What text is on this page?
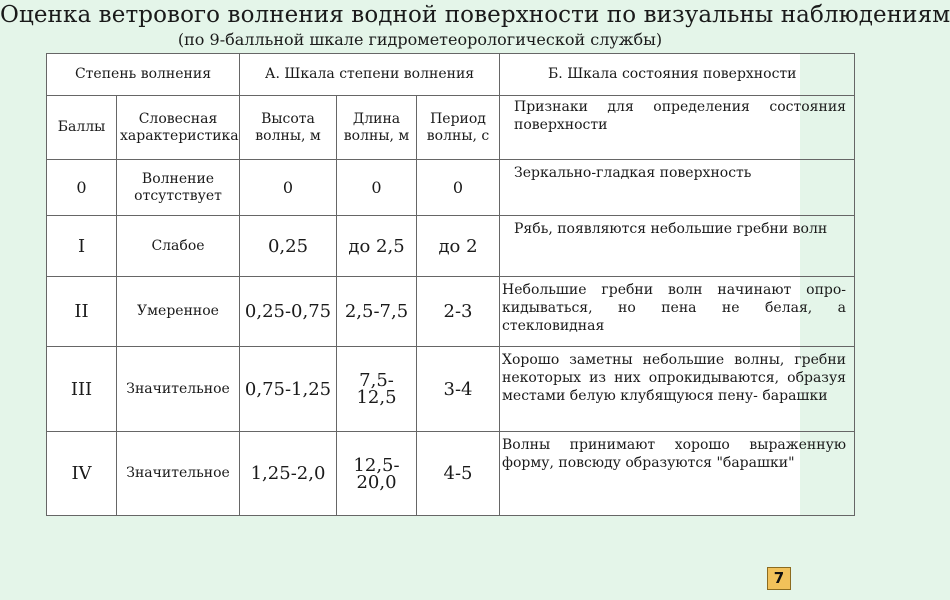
Оценка ветрового волнения водной поверхности по визуальны наблюдениям
(по 9-балльной шкале гидрометеорологической службы)
Степень волнения		А. Шкала степени волнения			Б. Шкала состояния поверхности
Баллы	Словесная характеристика	Высота волны, м	Длина волны, м	Период волны, с	Признаки для определения состояния поверхности
0	Волнение отсутствует	0	0	0	Зеркально-гладкая поверхность
I	Слабое	0,25	до 2,5	до 2	Рябь, появляются небольшие гребни волн
II	Умеренное	0,25-0,75	2,5-7,5	2-3	Небольшие гребни волн начинают опро-кидываться, но пена не белая, а стекловидная
III	Значительное	0,75-1,25	7,5-12,5	3-4	Хорошо заметны небольшие волны, гребни некоторых из них опрокидываются, образуя местами белую клубящуюся пену- барашки
IV	Значительное	1,25-2,0	12,5-20,0	4-5	Волны принимают хорошо выраженную форму, повсюду образуются "барашки"
7
